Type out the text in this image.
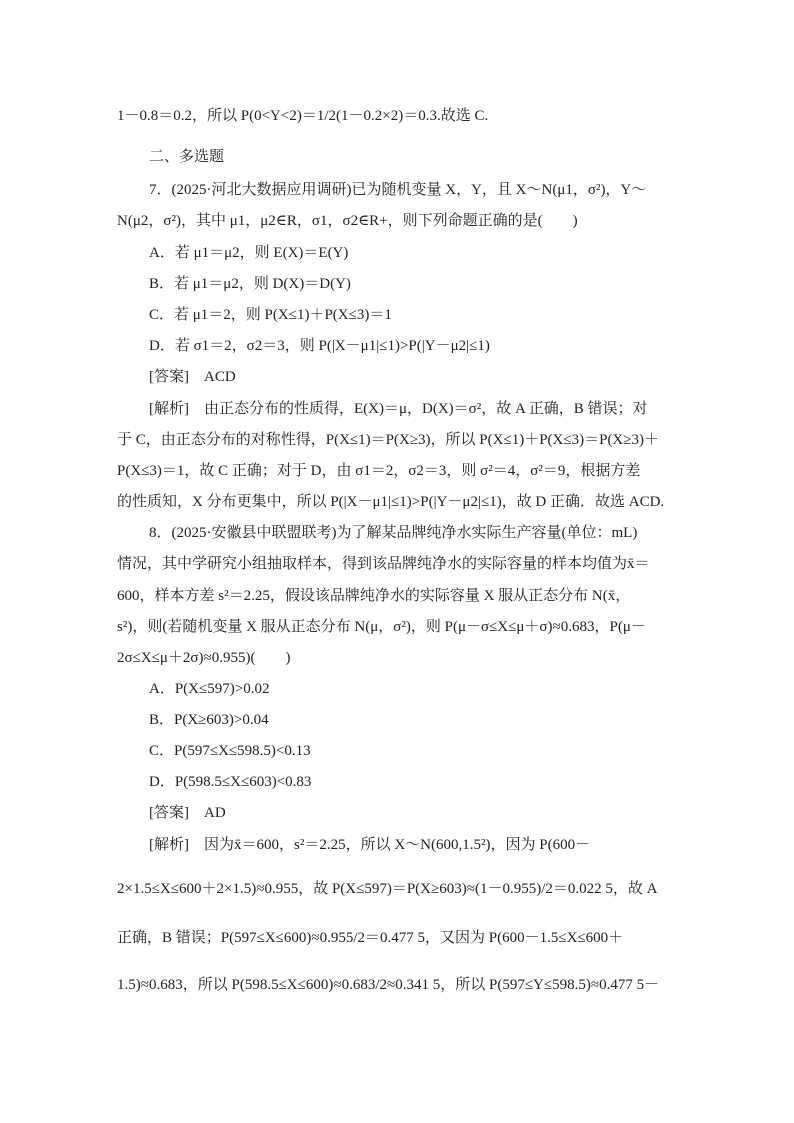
1－0.8＝0.2，所以 P(0<Y<2)＝1/2(1－0.2×2)＝0.3.故选 C.
二、多选题
7．(2025·河北大数据应用调研)已为随机变量 X，Y，且 X～N(μ1，σ²)，Y～
N(μ2，σ²)，其中 μ1，μ2∈R，σ1，σ2∈R+，则下列命题正确的是(　　)
A．若 μ1＝μ2，则 E(X)＝E(Y)
B．若 μ1＝μ2，则 D(X)＝D(Y)
C．若 μ1＝2，则 P(X≤1)＋P(X≤3)＝1
D．若 σ1＝2，σ2＝3，则 P(|X－μ1|≤1)>P(|Y－μ2|≤1)
[答案]　ACD
[解析]　由正态分布的性质得，E(X)＝μ，D(X)＝σ²，故 A 正确，B 错误；对
于 C，由正态分布的对称性得，P(X≤1)＝P(X≥3)，所以 P(X≤1)＋P(X≤3)＝P(X≥3)＋
P(X≤3)＝1，故 C 正确；对于 D，由 σ1＝2，σ2＝3，则 σ²＝4，σ²＝9，根据方差
的性质知，X 分布更集中，所以 P(|X－μ1|≤1)>P(|Y－μ2|≤1)，故 D 正确．故选 ACD.
8．(2025·安徽县中联盟联考)为了解某品牌纯净水实际生产容量(单位：mL)
情况，其中学研究小组抽取样本，得到该品牌纯净水的实际容量的样本均值为x̄＝
600，样本方差 s²＝2.25，假设该品牌纯净水的实际容量 X 服从正态分布 N(x̄，
s²)，则(若随机变量 X 服从正态分布 N(μ，σ²)，则 P(μ－σ≤X≤μ＋σ)≈0.683，P(μ－
2σ≤X≤μ＋2σ)≈0.955)(　　)
A．P(X≤597)>0.02
B．P(X≥603)>0.04
C．P(597≤X≤598.5)<0.13
D．P(598.5≤X≤603)<0.83
[答案]　AD
[解析]　因为x̄＝600，s²＝2.25，所以 X～N(600,1.5²)，因为 P(600－
2×1.5≤X≤600＋2×1.5)≈0.955，故 P(X≤597)＝P(X≥603)≈(1－0.955)/2＝0.022 5，故 A
正确，B 错误；P(597≤X≤600)≈0.955/2＝0.477 5，又因为 P(600－1.5≤X≤600＋
1.5)≈0.683，所以 P(598.5≤X≤600)≈0.683/2≈0.341 5，所以 P(597≤Y≤598.5)≈0.477 5－
